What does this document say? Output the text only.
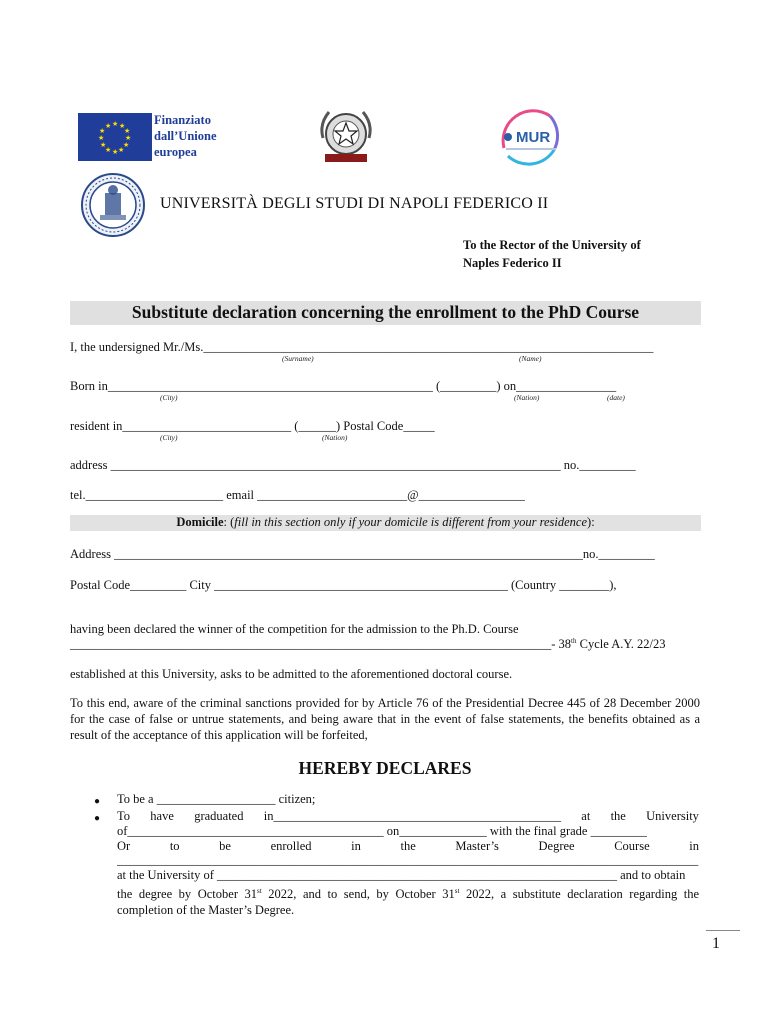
★ ★
★
★
★
★
★
★
★
★
★
★	Finanziato
dall’Unione
europea
MUR
UNIVERSITÀ DEGLI STUDI DI NAPOLI FEDERICO II
To the Rector of the University of
Naples Federico II
Substitute declaration concerning the enrollment to the PhD Course
I, the undersigned Mr./Ms.________________________________________________________________________
(Surname)	(Name)
Born in____________________________________________________ (_________) on________________
(City)	(Nation)	(date)
resident in___________________________ (______) Postal Code_____
(City)	(Nation)
address ________________________________________________________________________ no._________
tel.______________________ email ________________________@_________________
Domicile: (fill in this section only if your domicile is different from your residence):
Address ___________________________________________________________________________no._________
Postal Code_________ City _______________________________________________ (Country ________),
having been declared the winner of the competition for the admission to the Ph.D. Course
_____________________________________________________________________________- 38th Cycle A.Y. 22/23
established at this University, asks to be admitted to the aforementioned doctoral course.
To this end, aware of the criminal sanctions provided for by Article 76 of the Presidential Decree 445 of 28 December 2000 for the case of false or untrue statements, and being aware that in the event of false statements, the benefits obtained as a result of the acceptance of this application will be forfeited,
HEREBY DECLARES
● To be a ___________________ citizen;
● To have graduated in______________________________________________ at the University
of_________________________________________ on______________ with the final grade _________
Or	to	be	enrolled	in	the	Master’s	Degree	Course	in
_____________________________________________________________________________________________
at the University of ________________________________________________________________ and to obtain
the degree by October 31st 2022, and to send, by October 31st 2022, a substitute declaration regarding the completion of the Master’s Degree.
1
